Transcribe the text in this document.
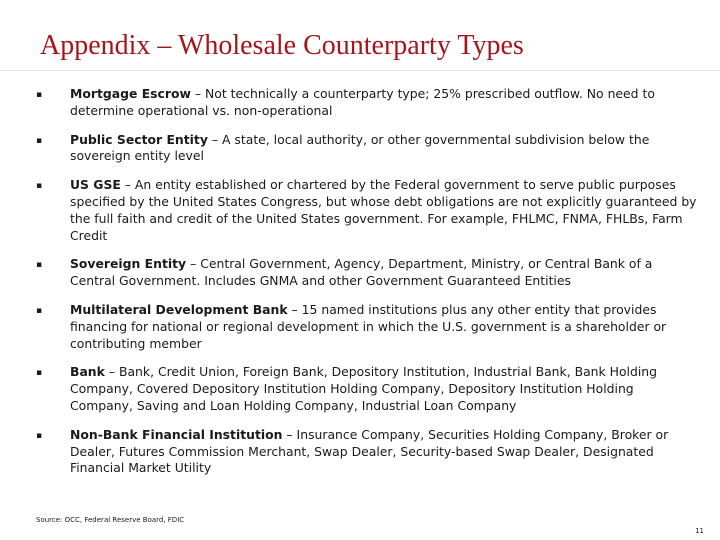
Appendix – Wholesale Counterparty Types
▪	Mortgage Escrow – Not technically a counterparty type; 25% prescribed outflow. No need to determine operational vs. non-operational
▪	Public Sector Entity – A state, local authority, or other governmental subdivision below the sovereign entity level
▪	US GSE – An entity established or chartered by the Federal government to serve public purposes specified by the United States Congress, but whose debt obligations are not explicitly guaranteed by the full faith and credit of the United States government. For example, FHLMC, FNMA, FHLBs, Farm Credit
▪	Sovereign Entity – Central Government, Agency, Department, Ministry, or Central Bank of a Central Government. Includes GNMA and other Government Guaranteed Entities
▪	Multilateral Development Bank – 15 named institutions plus any other entity that provides financing for national or regional development in which the U.S. government is a shareholder or contributing member
▪	Bank – Bank, Credit Union, Foreign Bank, Depository Institution, Industrial Bank, Bank Holding Company, Covered Depository Institution Holding Company, Depository Institution Holding Company, Saving and Loan Holding Company, Industrial Loan Company
▪	Non-Bank Financial Institution – Insurance Company, Securities Holding Company, Broker or Dealer, Futures Commission Merchant, Swap Dealer, Security-based Swap Dealer, Designated Financial Market Utility
Source: OCC, Federal Reserve Board, FDIC
11
